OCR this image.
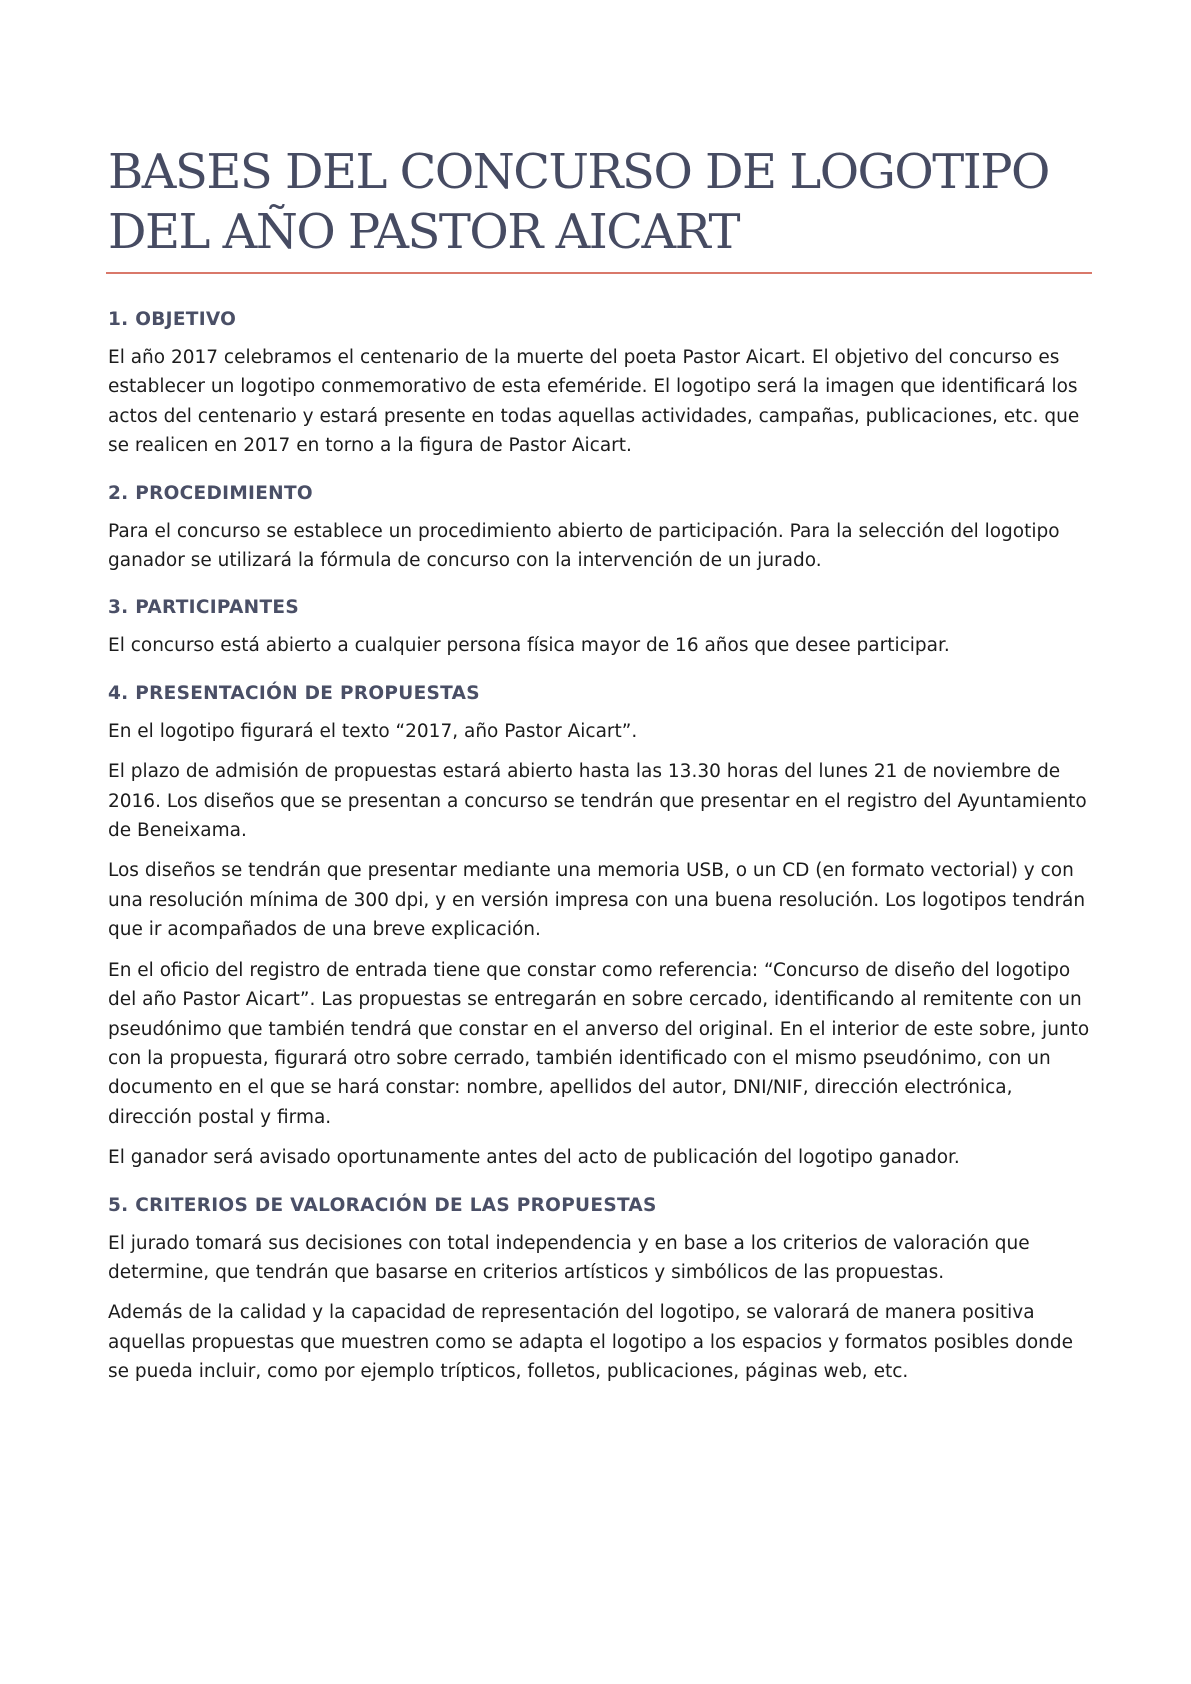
BASES DEL CONCURSO DE LOGOTIPO
DEL AÑO PASTOR AICART
1. OBJETIVO

El año 2017 celebramos el centenario de la muerte del poeta Pastor Aicart. El objetivo del concurso es establecer un logotipo conmemorativo de esta efeméride. El logotipo será la imagen que identificará los actos del centenario y estará presente en todas aquellas actividades, campañas, publicaciones, etc. que se realicen en 2017 en torno a la figura de Pastor Aicart.

2. PROCEDIMIENTO

Para el concurso se establece un procedimiento abierto de participación. Para la selección del logotipo ganador se utilizará la fórmula de concurso con la intervención de un jurado.

3. PARTICIPANTES

El concurso está abierto a cualquier persona física mayor de 16 años que desee participar.

4. PRESENTACIÓN DE PROPUESTAS

En el logotipo figurará el texto “2017, año Pastor Aicart”.

El plazo de admisión de propuestas estará abierto hasta las 13.30 horas del lunes 21 de noviembre de 2016. Los diseños que se presentan a concurso se tendrán que presentar en el registro del Ayuntamiento de Beneixama.

Los diseños se tendrán que presentar mediante una memoria USB, o un CD (en formato vectorial) y con una resolución mínima de 300 dpi, y en versión impresa con una buena resolución. Los logotipos tendrán que ir acompañados de una breve explicación.

En el oficio del registro de entrada tiene que constar como referencia: “Concurso de diseño del logotipo del año Pastor Aicart”. Las propuestas se entregarán en sobre cercado, identificando al remitente con un pseudónimo que también tendrá que constar en el anverso del original. En el interior de este sobre, junto con la propuesta, figurará otro sobre cerrado, también identificado con el mismo pseudónimo, con un documento en el que se hará constar: nombre, apellidos del autor, DNI/NIF, dirección electrónica, dirección postal y firma.

El ganador será avisado oportunamente antes del acto de publicación del logotipo ganador.

5. CRITERIOS DE VALORACIÓN DE LAS PROPUESTAS

El jurado tomará sus decisiones con total independencia y en base a los criterios de valoración que determine, que tendrán que basarse en criterios artísticos y simbólicos de las propuestas.

Además de la calidad y la capacidad de representación del logotipo, se valorará de manera positiva aquellas propuestas que muestren como se adapta el logotipo a los espacios y formatos posibles donde se pueda incluir, como por ejemplo trípticos, folletos, publicaciones, páginas web, etc.
